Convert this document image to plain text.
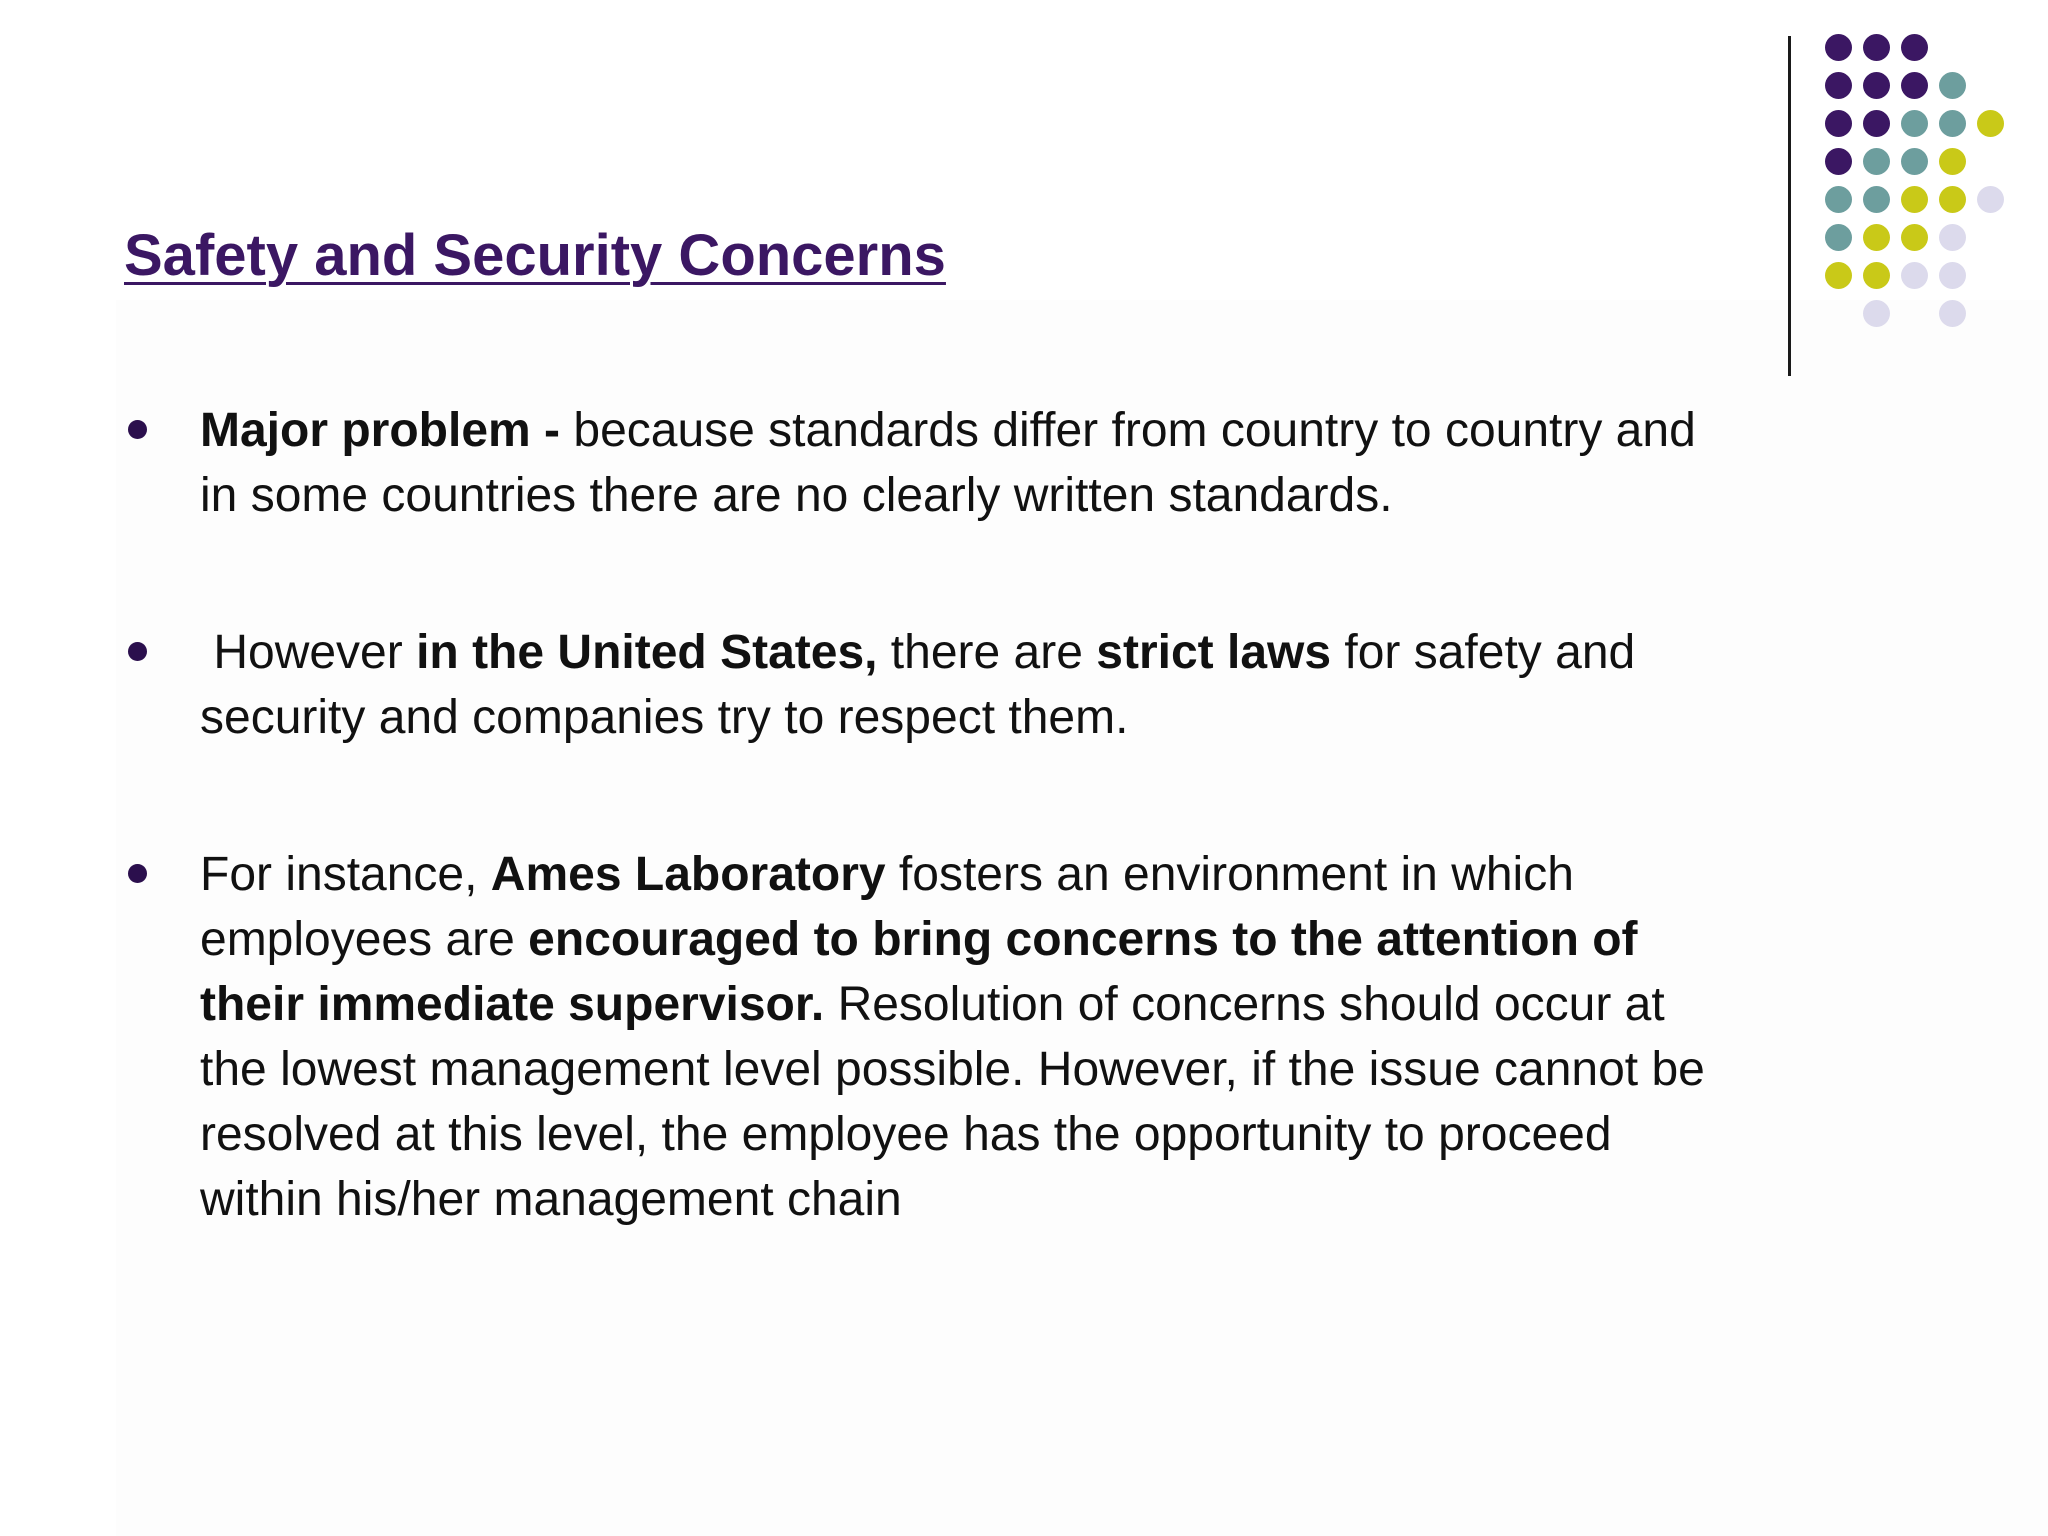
Safety and Security Concerns
Major problem - because standards differ from country to country and
in some countries there are no clearly written standards.
However in the United States, there are strict laws for safety and
security and companies try to respect them.
For instance, Ames Laboratory fosters an environment in which
employees are encouraged to bring concerns to the attention of
their immediate supervisor. Resolution of concerns should occur at
the lowest management level possible. However, if the issue cannot be
resolved at this level, the employee has the opportunity to proceed
within his/her management chain
